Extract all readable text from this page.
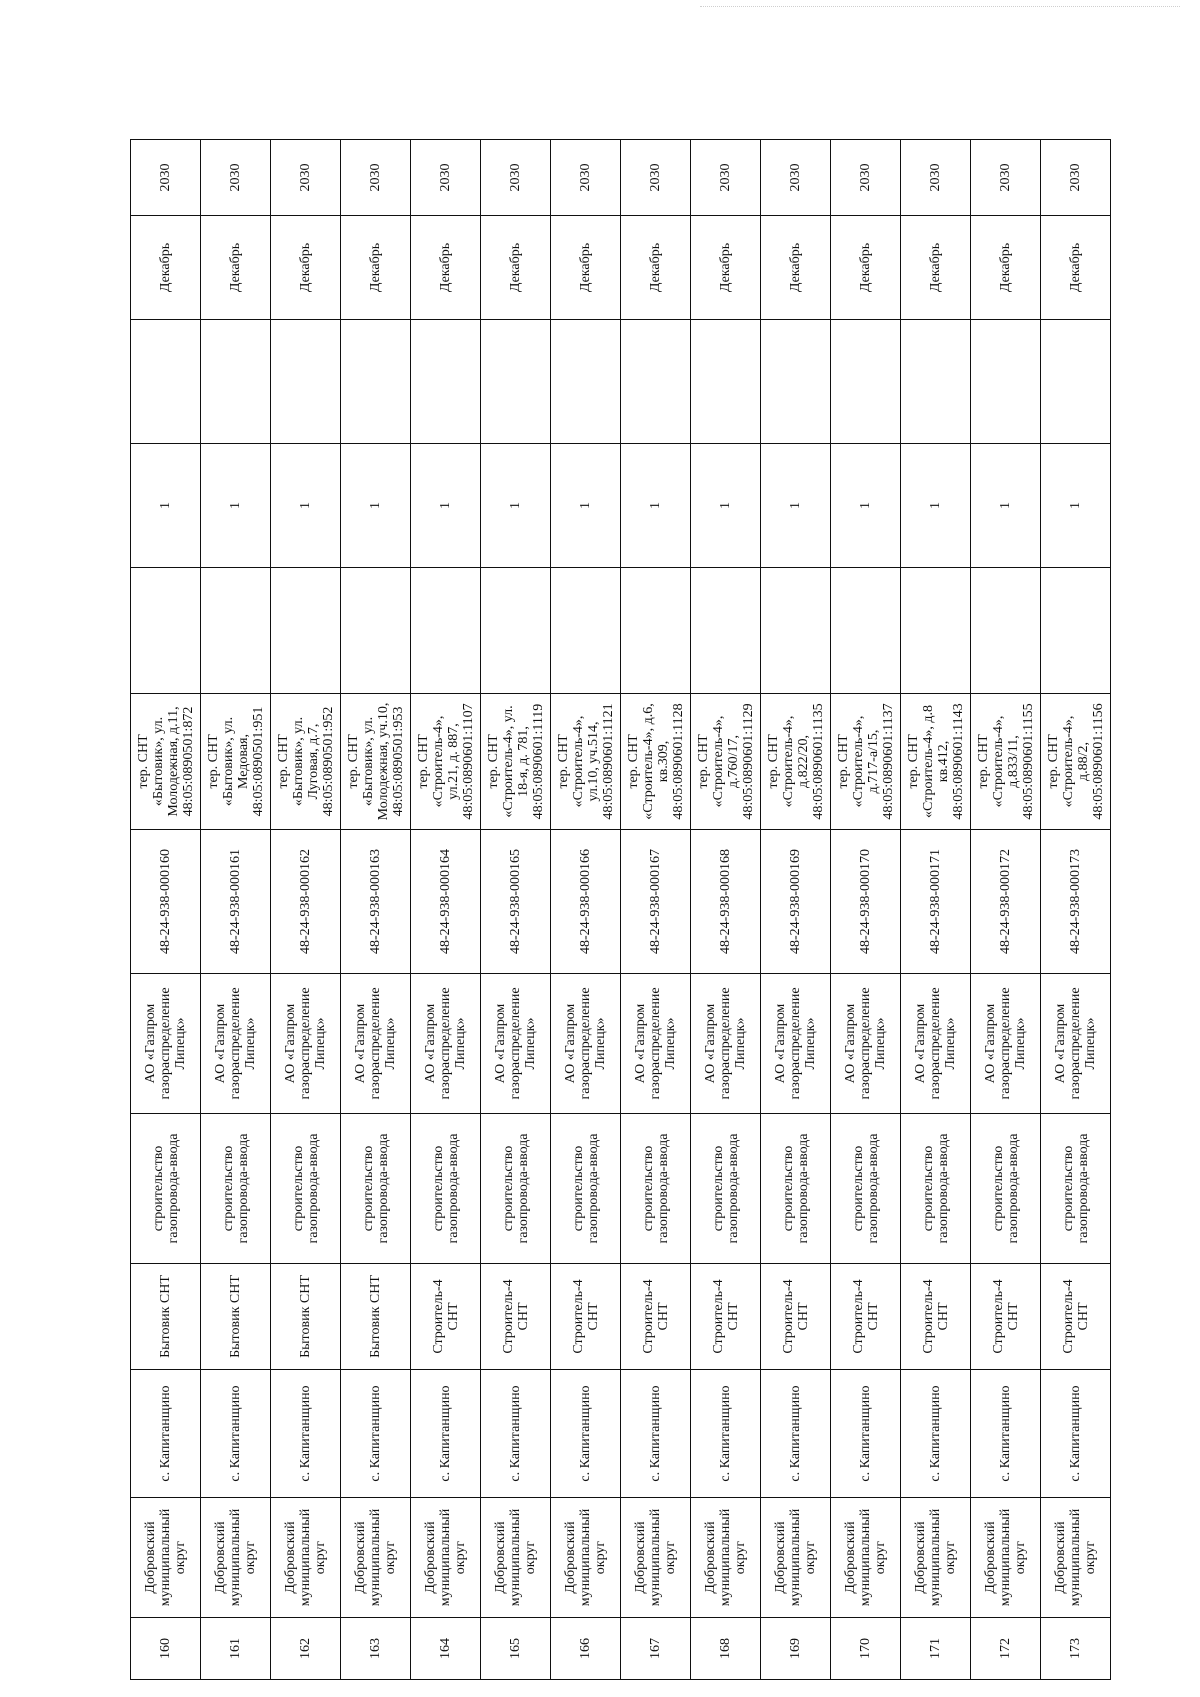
160	Добровский муниципальный округ	с. Капитанщино	Бытовик СНТ	строительство газопровода-ввода	АО «Газпром газораспределение Липецк»	48-24-938-000160	тер. СНТ «Бытовик», ул. Молодежная, д.11, 48:05:0890501:872		1		Декабрь	2030
161	Добровский муниципальный округ	с. Капитанщино	Бытовик СНТ	строительство газопровода-ввода	АО «Газпром газораспределение Липецк»	48-24-938-000161	тер. СНТ «Бытовик», ул. Медовая, 48:05:0890501:951		1		Декабрь	2030
162	Добровский муниципальный округ	с. Капитанщино	Бытовик СНТ	строительство газопровода-ввода	АО «Газпром газораспределение Липецк»	48-24-938-000162	тер. СНТ «Бытовик», ул. Луговая, д.7, 48:05:0890501:952		1		Декабрь	2030
163	Добровский муниципальный округ	с. Капитанщино	Бытовик СНТ	строительство газопровода-ввода	АО «Газпром газораспределение Липецк»	48-24-938-000163	тер. СНТ «Бытовик», ул. Молодежная, уч.10, 48:05:0890501:953		1		Декабрь	2030
164	Добровский муниципальный округ	с. Капитанщино	Строитель-4 СНТ	строительство газопровода-ввода	АО «Газпром газораспределение Липецк»	48-24-938-000164	тер. СНТ «Строитель-4», ул.21, д. 887, 48:05:0890601:1107		1		Декабрь	2030
165	Добровский муниципальный округ	с. Капитанщино	Строитель-4 СНТ	строительство газопровода-ввода	АО «Газпром газораспределение Липецк»	48-24-938-000165	тер. СНТ «Строитель-4», ул. 18-я, д. 781, 48:05:0890601:1119		1		Декабрь	2030
166	Добровский муниципальный округ	с. Капитанщино	Строитель-4 СНТ	строительство газопровода-ввода	АО «Газпром газораспределение Липецк»	48-24-938-000166	тер. СНТ «Строитель-4», ул.10, уч.514, 48:05:0890601:1121		1		Декабрь	2030
167	Добровский муниципальный округ	с. Капитанщино	Строитель-4 СНТ	строительство газопровода-ввода	АО «Газпром газораспределение Липецк»	48-24-938-000167	тер. СНТ «Строитель-4», д.6, кв.309, 48:05:0890601:1128		1		Декабрь	2030
168	Добровский муниципальный округ	с. Капитанщино	Строитель-4 СНТ	строительство газопровода-ввода	АО «Газпром газораспределение Липецк»	48-24-938-000168	тер. СНТ «Строитель-4», д.760/17, 48:05:0890601:1129		1		Декабрь	2030
169	Добровский муниципальный округ	с. Капитанщино	Строитель-4 СНТ	строительство газопровода-ввода	АО «Газпром газораспределение Липецк»	48-24-938-000169	тер. СНТ «Строитель-4», д.822/20, 48:05:0890601:1135		1		Декабрь	2030
170	Добровский муниципальный округ	с. Капитанщино	Строитель-4 СНТ	строительство газопровода-ввода	АО «Газпром газораспределение Липецк»	48-24-938-000170	тер. СНТ «Строитель-4», д.717-а/15, 48:05:0890601:1137		1		Декабрь	2030
171	Добровский муниципальный округ	с. Капитанщино	Строитель-4 СНТ	строительство газопровода-ввода	АО «Газпром газораспределение Липецк»	48-24-938-000171	тер. СНТ «Строитель-4», д.8 кв.412, 48:05:0890601:1143		1		Декабрь	2030
172	Добровский муниципальный округ	с. Капитанщино	Строитель-4 СНТ	строительство газопровода-ввода	АО «Газпром газораспределение Липецк»	48-24-938-000172	тер. СНТ «Строитель-4», д.833/11, 48:05:0890601:1155		1		Декабрь	2030
173	Добровский муниципальный округ	с. Капитанщино	Строитель-4 СНТ	строительство газопровода-ввода	АО «Газпром газораспределение Липецк»	48-24-938-000173	тер. СНТ «Строитель-4», д.88/2, 48:05:0890601:1156		1		Декабрь	2030
